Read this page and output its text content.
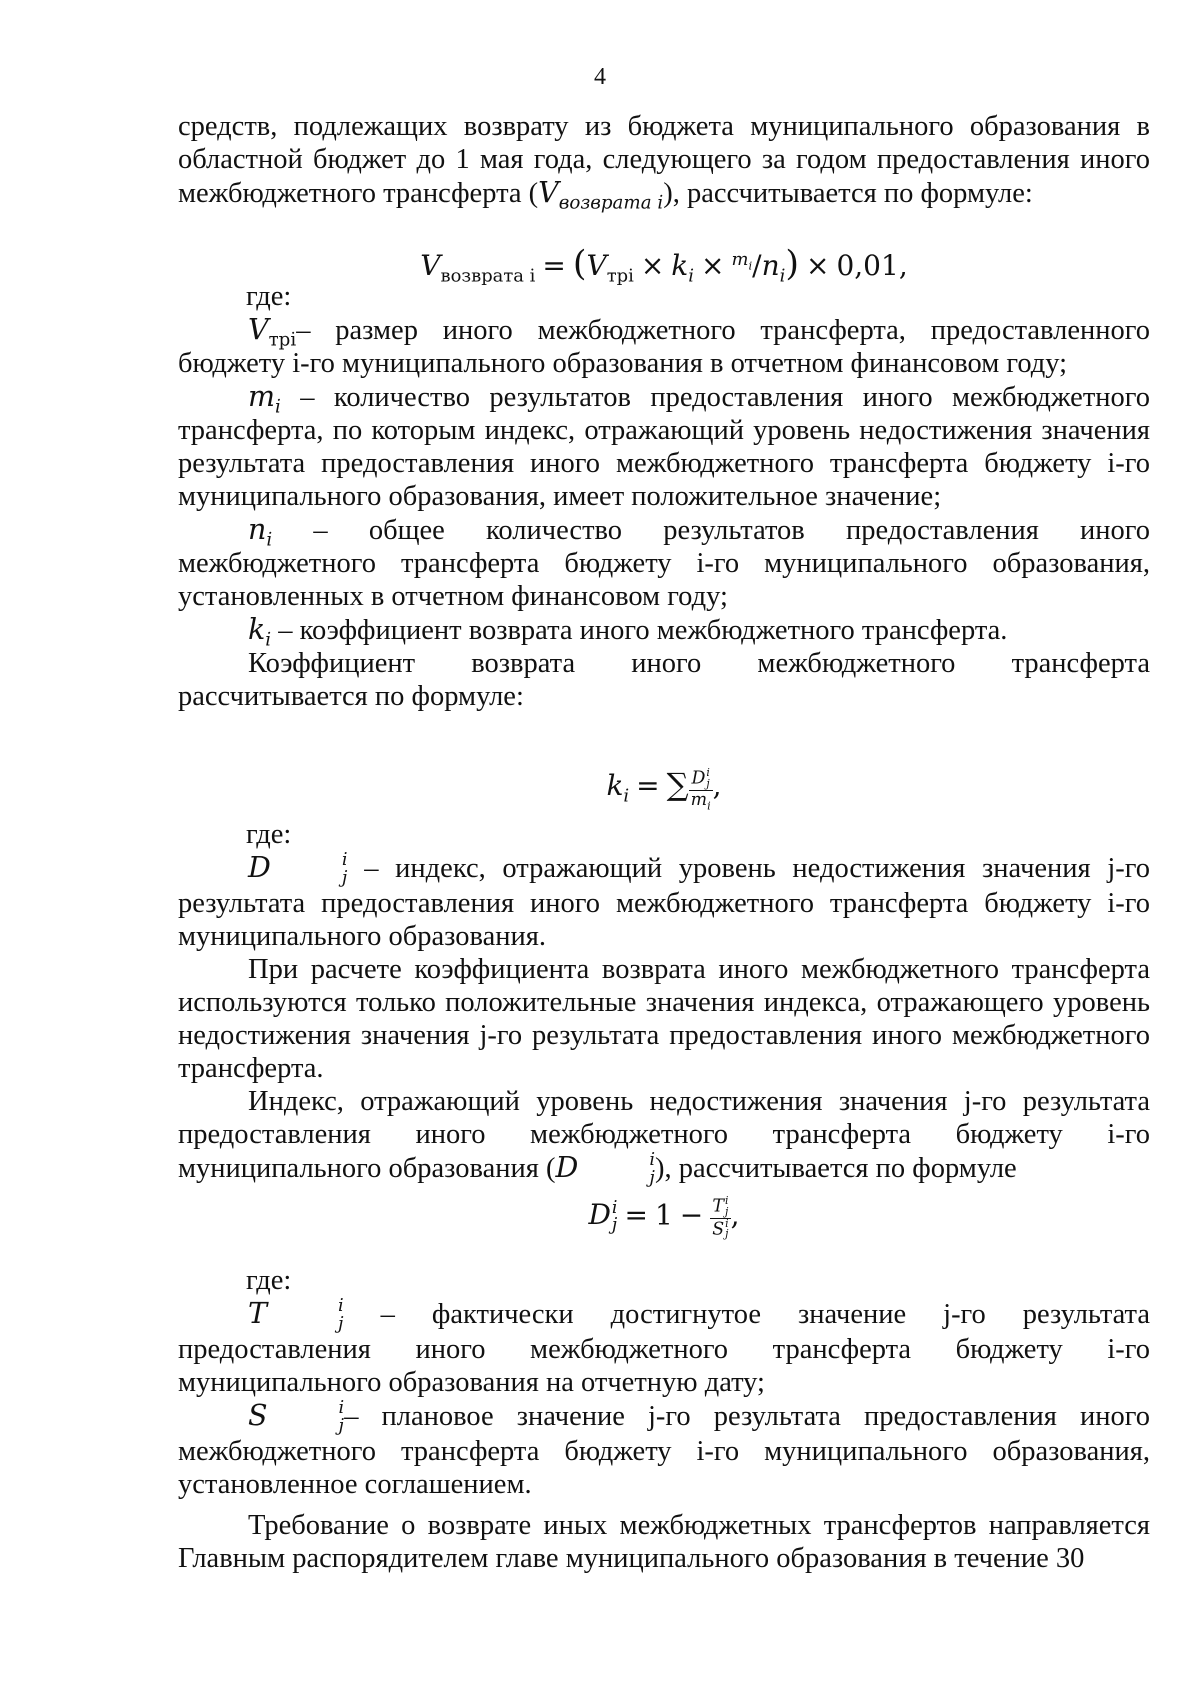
4

средств, подлежащих возврату из бюджета муниципального образования в областной бюджет до 1 мая года, следующего за годом предоставления иного межбюджетного трансферта $(V_{возврата i})$, рассчитывается по формуле:

$V_{возврата i} = (V_{трi} \times k_i \times ^{m_i}/n_i) \times 0,01$,

где:

$V_{трi}-$ размер иного межбюджетного трансферта, предоставленного бюджету i-го муниципального образования в отчетном финансовом году;

$m_i$ – количество результатов предоставления иного межбюджетного трансферта, по которым индекс, отражающий уровень недостижения значения результата предоставления иного межбюджетного трансферта бюджету i-го муниципального образования, имеет положительное значение;

$n_i$ – общее количество результатов предоставления иного межбюджетного трансферта бюджету i-го муниципального образования, установленных в отчетном финансовом году;

$k_i$ – коэффициент возврата иного межбюджетного трансферта.

Коэффициент возврата иного межбюджетного трансферта рассчитывается по формуле:

$k_i$ = ∑ D i
j
$m_i$ ,

где:

D	i
j – индекс, отражающий уровень недостижения значения j-го результата предоставления иного межбюджетного трансферта бюджету i-го муниципального образования.

При расчете коэффициента возврата иного межбюджетного трансферта используются только положительные значения индекса, отражающего уровень недостижения значения j-го результата предоставления иного межбюджетного трансферта.

Индекс, отражающий уровень недостижения значения j-го результата предоставления иного межбюджетного трансферта бюджету i-го муниципального образования (D	i
j ), рассчитывается по формуле

D i
j = 1 − T i
j
S i
j ,

где:

T	i
j – фактически достигнутое значение j-го результата предоставления иного межбюджетного трансферта бюджету i-го муниципального образования на отчетную дату;

S	i
j – плановое значение j-го результата предоставления иного межбюджетного трансферта бюджету i-го муниципального образования, установленное соглашением.

Требование о возврате иных межбюджетных трансфертов направляется Главным распорядителем главе муниципального образования в течение 30
